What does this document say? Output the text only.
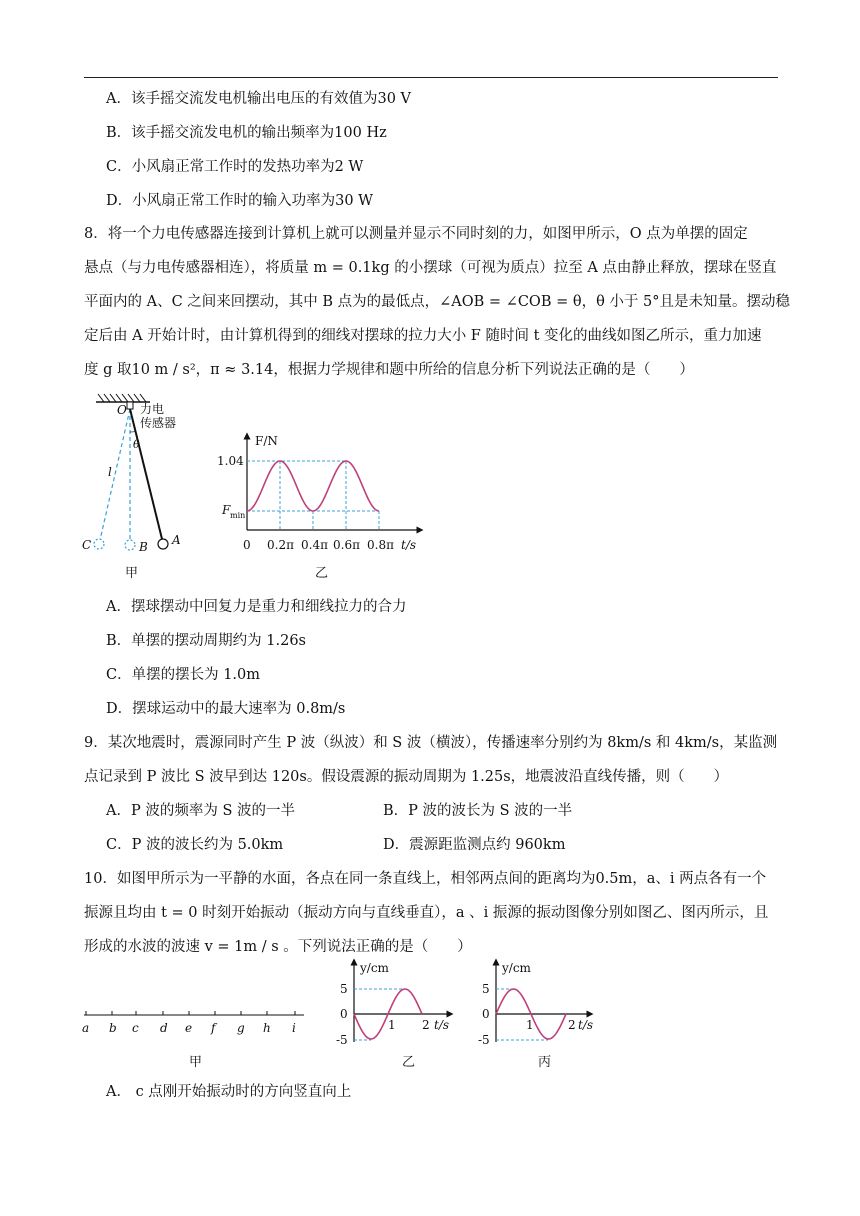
A．该手摇交流发电机输出电压的有效值为30 V
B．该手摇交流发电机的输出频率为100 Hz
C．小风扇正常工作时的发热功率为2 W
D．小风扇正常工作时的输入功率为30 W
8．将一个力电传感器连接到计算机上就可以测量并显示不同时刻的力，如图甲所示，O 点为单摆的固定
悬点（与力电传感器相连），将质量 m = 0.1kg 的小摆球（可视为质点）拉至 A 点由静止释放，摆球在竖直
平面内的 A、C 之间来回摆动，其中 B 点为的最低点，∠AOB = ∠COB = θ，θ 小于 5°且是未知量。摆动稳
定后由 A 开始计时，由计算机得到的细线对摆球的拉力大小 F 随时间 t 变化的曲线如图乙所示，重力加速
度 g 取10 m / s²，π ≈ 3.14，根据力学规律和题中所给的信息分析下列说法正确的是（　　）
O 力电
传感器
θ
l
A
B
C
甲
F/N
1.04
F min
0 0.2π 0.4π 0.6π 0.8π t/s
乙
A．摆球摆动中回复力是重力和细线拉力的合力
B．单摆的摆动周期约为 1.26s
C．单摆的摆长为 1.0m
D．摆球运动中的最大速率为 0.8m/s
9．某次地震时，震源同时产生 P 波（纵波）和 S 波（横波），传播速率分别约为 8km/s 和 4km/s，某监测
点记录到 P 波比 S 波早到达 120s。假设震源的振动周期为 1.25s，地震波沿直线传播，则（　　）
A．P 波的频率为 S 波的一半	B．P 波的波长为 S 波的一半
C．P 波的波长约为 5.0km	D．震源距监测点约 960km
10．如图甲所示为一平静的水面，各点在同一条直线上，相邻两点间的距离均为0.5m，a、i 两点各有一个
振源且均由 t = 0 时刻开始振动（振动方向与直线垂直），a 、i 振源的振动图像分别如图乙、图丙所示，且
形成的水波的波速 v = 1m / s 。下列说法正确的是（　　）
a b c d e f g h i
甲
y/cm
5
0
-5
1 2 t/s
乙
y/cm
5
0
-5
1	2 t/s
丙
A． c 点刚开始振动时的方向竖直向上
